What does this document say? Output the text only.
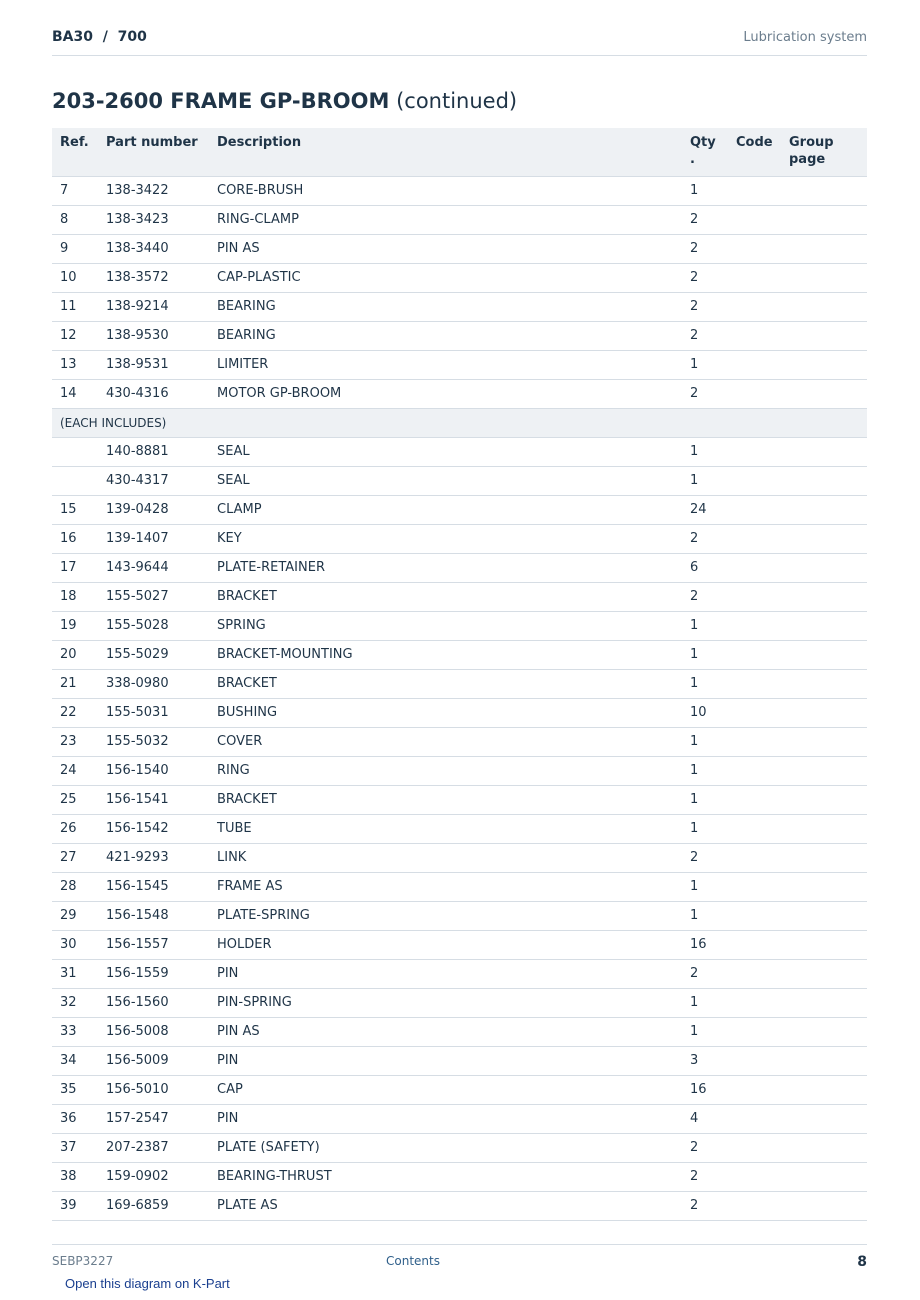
BA30  /  700	Lubrication system
203-2600 FRAME GP-BROOM (continued)
Ref.	Part number	Description	Qty .	Code	Group page
7	138-3422	CORE-BRUSH	1		
8	138-3423	RING-CLAMP	2		
9	138-3440	PIN AS	2		
10	138-3572	CAP-PLASTIC	2		
11	138-9214	BEARING	2		
12	138-9530	BEARING	2		
13	138-9531	LIMITER	1		
14	430-4316	MOTOR GP-BROOM	2		
(EACH INCLUDES)					
	140-8881	SEAL	1		
	430-4317	SEAL	1		
15	139-0428	CLAMP	24		
16	139-1407	KEY	2		
17	143-9644	PLATE-RETAINER	6		
18	155-5027	BRACKET	2		
19	155-5028	SPRING	1		
20	155-5029	BRACKET-MOUNTING	1		
21	338-0980	BRACKET	1		
22	155-5031	BUSHING	10		
23	155-5032	COVER	1		
24	156-1540	RING	1		
25	156-1541	BRACKET	1		
26	156-1542	TUBE	1		
27	421-9293	LINK	2		
28	156-1545	FRAME AS	1		
29	156-1548	PLATE-SPRING	1		
30	156-1557	HOLDER	16		
31	156-1559	PIN	2		
32	156-1560	PIN-SPRING	1		
33	156-5008	PIN AS	1		
34	156-5009	PIN	3		
35	156-5010	CAP	16		
36	157-2547	PIN	4		
37	207-2387	PLATE (SAFETY)	2		
38	159-0902	BEARING-THRUST	2		
39	169-6859	PLATE AS	2		
SEBP3227	Contents	8
Open this diagram on K-Part
